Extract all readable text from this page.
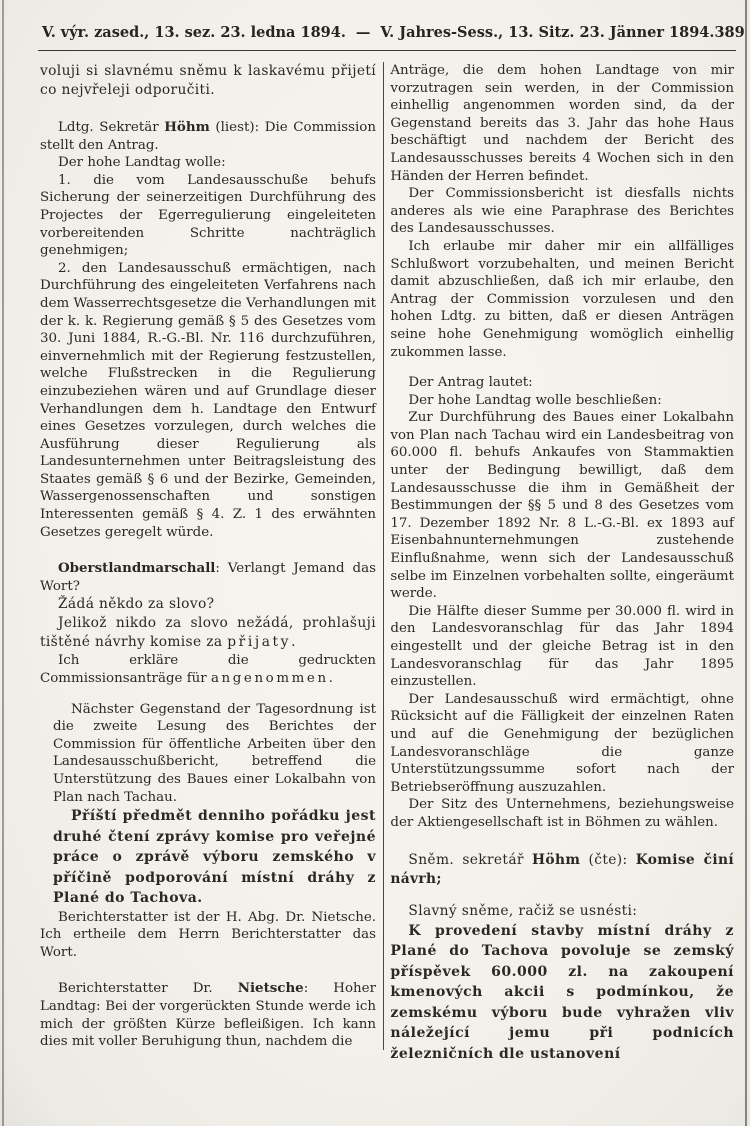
V. výr. zased., 13. sez. 23. ledna 1894. — V. Jahres-Sess., 13. Sitz. 23. Jänner 1894. 389

voluji si slavnému sněmu k laskavému přijetí co nejvřeleji odporučiti.

Ldtg. Sekretär Höhm (liest): Die Commission stellt den Antrag.

Der hohe Landtag wolle:

1. die vom Landesausschuße behufs Sicherung der seinerzeitigen Durchführung des Projectes der Egerregulierung eingeleiteten vorbereitenden Schritte nachträglich genehmigen;

2. den Landesausschuß ermächtigen, nach Durchführung des eingeleiteten Verfahrens nach dem Wasserrechtsgesetze die Verhandlungen mit der k. k. Regierung gemäß § 5 des Gesetzes vom 30. Juni 1884, R.-G.-Bl. Nr. 116 durchzuführen, einvernehmlich mit der Regierung festzustellen, welche Flußstrecken in die Regulierung einzubeziehen wären und auf Grundlage dieser Verhandlungen dem h. Landtage den Entwurf eines Gesetzes vorzulegen, durch welches die Ausführung dieser Regulierung als Landesunternehmen unter Beitragsleistung des Staates gemäß § 6 und der Bezirke, Gemeinden, Wassergenossenschaften und sonstigen Interessenten gemäß § 4. Z. 1 des erwähnten Gesetzes geregelt würde.

Oberstlandmarschall: Verlangt Jemand das Wort?

Žádá někdo za slovo?

Jelikož nikdo za slovo nežádá, prohlašuji tištěné návrhy komise za přijaty.

Ich erkläre die gedruckten Commissionsanträge für angenommen.

Nächster Gegenstand der Tagesordnung ist die zweite Lesung des Berichtes der Commission für öffentliche Arbeiten über den Landesausschußbericht, betreffend die Unterstützung des Baues einer Lokalbahn von Plan nach Tachau.

Příští předmět denniho pořádku jest druhé čtení zprávy komise pro veřejné práce o zprávě výboru zemského v příčině podporování místní dráhy z Plané do Tachova.

Berichterstatter ist der H. Abg. Dr. Nietsche. Ich ertheile dem Herrn Berichterstatter das Wort.

Berichterstatter Dr. Nietsche: Hoher Landtag: Bei der vorgerückten Stunde werde ich mich der größten Kürze befleißigen. Ich kann dies mit voller Beruhigung thun, nachdem die

Anträge, die dem hohen Landtage von mir vorzutragen sein werden, in der Commission einhellig angenommen worden sind, da der Gegenstand bereits das 3. Jahr das hohe Haus beschäftigt und nachdem der Bericht des Landesausschusses bereits 4 Wochen sich in den Händen der Herren befindet.

Der Commissionsbericht ist diesfalls nichts anderes als wie eine Paraphrase des Berichtes des Landesausschusses.

Ich erlaube mir daher mir ein allfälliges Schlußwort vorzubehalten, und meinen Bericht damit abzuschließen, daß ich mir erlaube, den Antrag der Commission vorzulesen und den hohen Ldtg. zu bitten, daß er diesen Anträgen seine hohe Genehmigung womöglich einhellig zukommen lasse.

Der Antrag lautet:

Der hohe Landtag wolle beschließen:

Zur Durchführung des Baues einer Lokalbahn von Plan nach Tachau wird ein Landesbeitrag von 60.000 fl. behufs Ankaufes von Stammaktien unter der Bedingung bewilligt, daß dem Landesausschusse die ihm in Gemäßheit der Bestimmungen der §§ 5 und 8 des Gesetzes vom 17. Dezember 1892 Nr. 8 L.-G.-Bl. ex 1893 auf Eisenbahnunternehmungen zustehende Einflußnahme, wenn sich der Landesausschuß selbe im Einzelnen vorbehalten sollte, eingeräumt werde.

Die Hälfte dieser Summe per 30.000 fl. wird in den Landesvoranschlag für das Jahr 1894 eingestellt und der gleiche Betrag ist in den Landesvoranschlag für das Jahr 1895 einzustellen.

Der Landesausschuß wird ermächtigt, ohne Rücksicht auf die Fälligkeit der einzelnen Raten und auf die Genehmigung der bezüglichen Landesvoranschläge die ganze Unterstützungssumme sofort nach der Betriebseröffnung auszuzahlen.

Der Sitz des Unternehmens, beziehungsweise der Aktiengesellschaft ist in Böhmen zu wählen.

Sněm. sekretář Höhm (čte): Komise činí návrh;

Slavný sněme, račiž se usnésti:

K provedení stavby místní dráhy z Plané do Tachova povoluje se zemský příspěvek 60.000 zl. na zakoupení kmenových akcii s podmínkou, že zemskému výboru bude vyhražen vliv náležející jemu při podnicích železničních dle ustanovení
